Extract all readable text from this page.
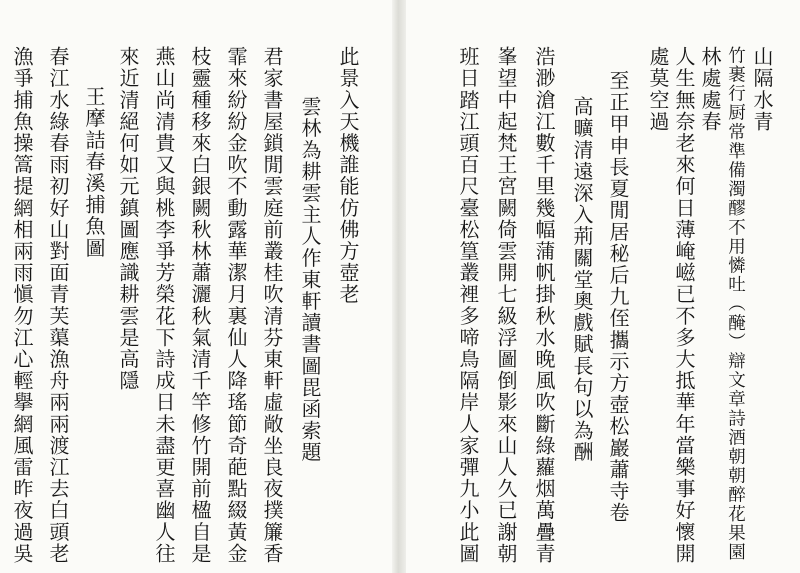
山隔水青
竹裹行厨常準備濁醪不用憐吐（醃）辯文章詩酒朝朝醉花果園
林處處春
人生無奈老來何日薄崦嵫已不多大抵華年當樂事好懷開
處莫空過
至正甲申長夏閒居秘后九侄攜示方壺松巖蕭寺卷
高曠清遠深入荊關堂奧戲賦長句以為酬
浩渺滄江數千里幾幅蒲帆掛秋水晚風吹斷綠蘿烟萬疊青
峯望中起梵王宮闕倚雲開七級浮圖倒影來山人久已謝朝
班日踏江頭百尺臺松篁叢裡多啼鳥隔岸人家彈九小此圖
此景入天機誰能仿佛方壺老
雲林為耕雲主人作東軒讀書圖毘函索題
君家書屋鎖閒雲庭前叢桂吹清芬東軒虛敞坐良夜撲簾香
霏來紛紛金吹不動露華潔月裏仙人降瑤節奇葩點綴黃金
枝靈種移來白銀闕秋林蕭灑秋氣清千竿修竹開前楹自是
燕山尚清貴又與桃李爭芳榮花下詩成日未盡更喜幽人往
來近清絕何如元鎮圖應識耕雲是高隱
王摩詰春溪捕魚圖
春江水綠春雨初好山對面青芙蕖漁舟兩兩渡江去白頭老
漁爭捕魚操篙提網相兩雨愼勿江心輕擧網風雷昨夜過吳
